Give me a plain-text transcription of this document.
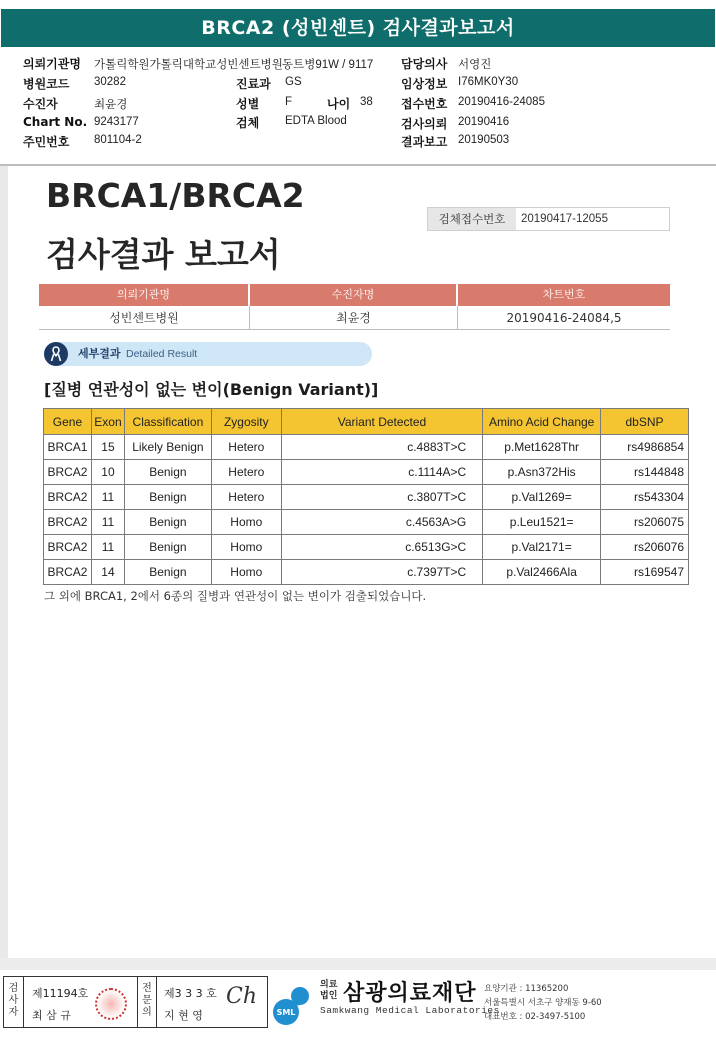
BRCA2 (성빈센트) 검사결과보고서
의뢰기관명 가톨릭학원가톨릭대학교성빈센트병원 동트병91W / 9117
병원코드 30282
수진자	최윤경
Chart No. 9243177
주민번호 801104-2
진료과 GS
성별 F	나이 38
검체 EDTA Blood
담당의사 서영진
임상정보 I76MK0Y30
접수번호 20190416-24085
검사의뢰 20190416
결과보고 20190503
BRCA1/BRCA2
검사결과 보고서
검체접수번호	20190417-12055
의뢰기관명	수진자명	차트번호
성빈센트병원	최윤경	20190416-24084,5
세부결과 Detailed Result
[질병 연관성이 없는 변이(Benign Variant)]
Gene	Exon	Classification	Zygosity	Variant Detected	Amino Acid Change	dbSNP
BRCA1	15	Likely Benign	Hetero	c.4883T>C	p.Met1628Thr	rs4986854
BRCA2	10	Benign	Hetero	c.1114A>C	p.Asn372His	rs144848
BRCA2	11	Benign	Hetero	c.3807T>C	p.Val1269=	rs543304
BRCA2	11	Benign	Homo	c.4563A>G	p.Leu1521=	rs206075
BRCA2	11	Benign	Homo	c.6513G>C	p.Val2171=	rs206076
BRCA2	14	Benign	Homo	c.7397T>C	p.Val2466Ala	rs169547
그 외에 BRCA1, 2에서 6종의 질병과 연관성이 없는 변이가 검출되었습니다.
검사자
제11194호
최 삼 규
전문의
제3 3 3 호
지 현 영
Ch
SML
의료 법인 삼광의료재단
Samkwang Medical Laboratories
요양기관 : 11365200
서울특별시 서초구 양재동 9-60
대표번호 : 02-3497-5100
